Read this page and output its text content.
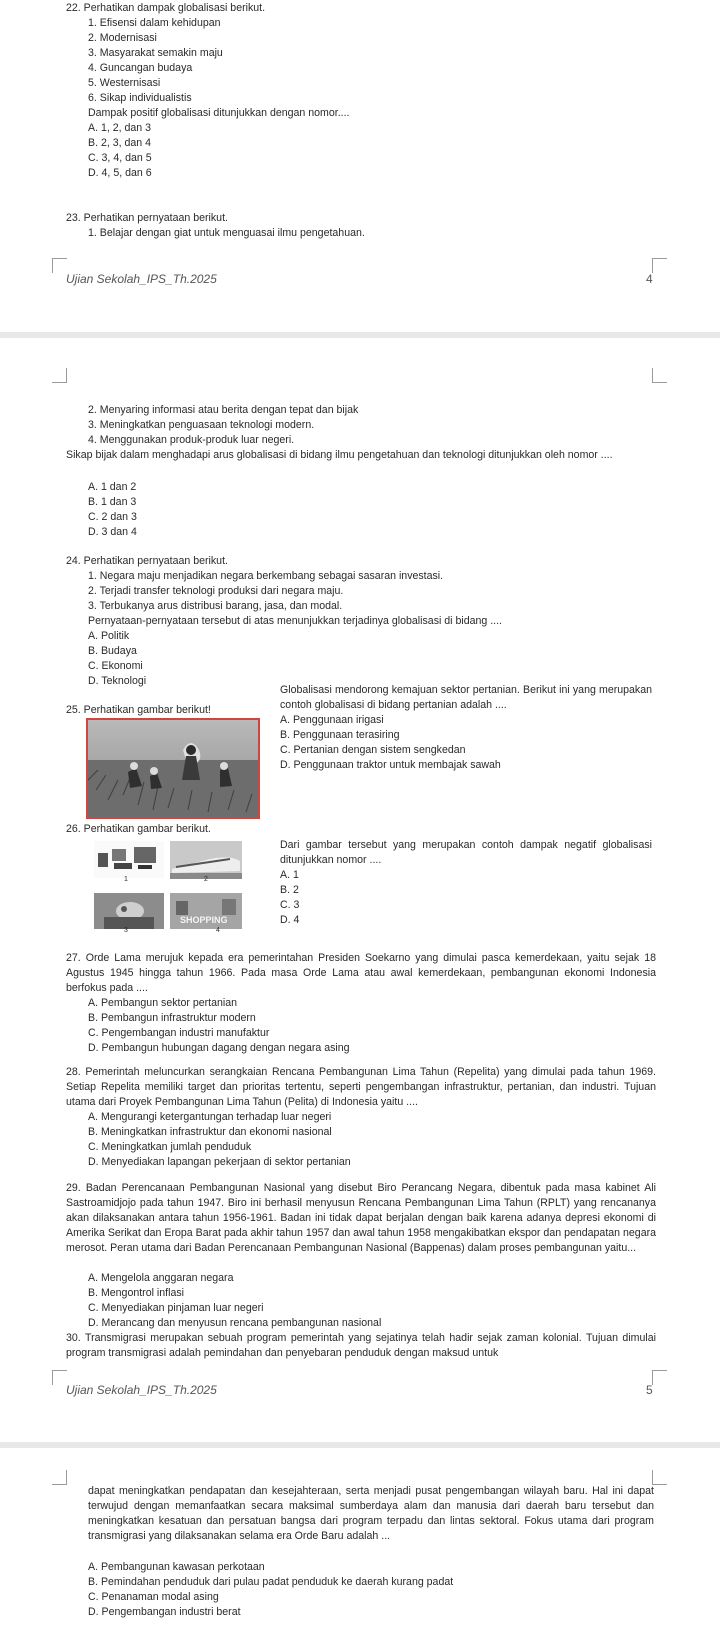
22. Perhatikan dampak globalisasi berikut.
1. Efisensi dalam kehidupan
2. Modernisasi
3. Masyarakat semakin maju
4. Guncangan budaya
5. Westernisasi
6. Sikap individualistis
Dampak positif globalisasi ditunjukkan dengan nomor....
A. 1, 2, dan 3
B. 2, 3, dan 4
C. 3, 4, dan 5
D. 4, 5, dan 6
23. Perhatikan pernyataan berikut.
1. Belajar dengan giat untuk menguasai ilmu pengetahuan.
Ujian Sekolah_IPS_Th.2025	4
2. Menyaring informasi atau berita dengan tepat dan bijak
3. Meningkatkan penguasaan teknologi modern.
4. Menggunakan produk-produk luar negeri.
Sikap bijak dalam menghadapi arus globalisasi di bidang ilmu pengetahuan dan teknologi ditunjukkan oleh nomor ....
A. 1 dan 2
B. 1 dan 3
C. 2 dan 3
D. 3 dan 4
24. Perhatikan pernyataan berikut.
1. Negara maju menjadikan negara berkembang sebagai sasaran investasi.
2. Terjadi transfer teknologi produksi dari negara maju.
3. Terbukanya arus distribusi barang, jasa, dan modal.
Pernyataan-pernyataan tersebut di atas menunjukkan terjadinya globalisasi di bidang ....
A. Politik
B. Budaya
C. Ekonomi
D. Teknologi
25. Perhatikan gambar berikut!
Globalisasi mendorong kemajuan sektor pertanian. Berikut ini yang merupakan contoh globalisasi di bidang pertanian adalah ....
A. Penggunaan irigasi
B. Penggunaan terasiring
C. Pertanian dengan sistem sengkedan
D. Penggunaan traktor untuk membajak sawah
26. Perhatikan gambar berikut.
1	2
3
SHOPPING
4
Dari gambar tersebut yang merupakan contoh dampak negatif globalisasi ditunjukkan nomor ....
A. 1
B. 2
C. 3
D. 4
27. Orde Lama merujuk kepada era pemerintahan Presiden Soekarno yang dimulai pasca kemerdekaan, yaitu sejak 18 Agustus 1945 hingga tahun 1966. Pada masa Orde Lama atau awal kemerdekaan, pembangunan ekonomi Indonesia berfokus pada ....
A. Pembangun sektor pertanian
B. Pembangun infrastruktur modern
C. Pengembangan industri manufaktur
D. Pembangun hubungan dagang dengan negara asing
28. Pemerintah meluncurkan serangkaian Rencana Pembangunan Lima Tahun (Repelita) yang dimulai pada tahun 1969. Setiap Repelita memiliki target dan prioritas tertentu, seperti pengembangan infrastruktur, pertanian, dan industri. Tujuan utama dari Proyek Pembangunan Lima Tahun (Pelita) di Indonesia yaitu ....
A. Mengurangi ketergantungan terhadap luar negeri
B. Meningkatkan infrastruktur dan ekonomi nasional
C. Meningkatkan jumlah penduduk
D. Menyediakan lapangan pekerjaan di sektor pertanian
29. Badan Perencanaan Pembangunan Nasional yang disebut Biro Perancang Negara, dibentuk pada masa kabinet Ali Sastroamidjojo pada tahun 1947. Biro ini berhasil menyusun Rencana Pembangunan Lima Tahun (RPLT) yang rencananya akan dilaksanakan antara tahun 1956-1961. Badan ini tidak dapat berjalan dengan baik karena adanya depresi ekonomi di Amerika Serikat dan Eropa Barat pada akhir tahun 1957 dan awal tahun 1958 mengakibatkan ekspor dan pendapatan negara merosot. Peran utama dari Badan Perencanaan Pembangunan Nasional (Bappenas) dalam proses pembangunan yaitu...
A. Mengelola anggaran negara
B. Mengontrol inflasi
C. Menyediakan pinjaman luar negeri
D. Merancang dan menyusun rencana pembangunan nasional
30. Transmigrasi merupakan sebuah program pemerintah yang sejatinya telah hadir sejak zaman kolonial. Tujuan dimulai program transmigrasi adalah pemindahan dan penyebaran penduduk dengan maksud untuk
Ujian Sekolah_IPS_Th.2025	5
dapat meningkatkan pendapatan dan kesejahteraan, serta menjadi pusat pengembangan wilayah baru. Hal ini dapat terwujud dengan memanfaatkan secara maksimal sumberdaya alam dan manusia dari daerah baru tersebut dan meningkatkan kesatuan dan persatuan bangsa dari program terpadu dan lintas sektoral. Fokus utama dari program transmigrasi yang dilaksanakan selama era Orde Baru adalah ...
A. Pembangunan kawasan perkotaan
B. Pemindahan penduduk dari pulau padat penduduk ke daerah kurang padat
C. Penanaman modal asing
D. Pengembangan industri berat
